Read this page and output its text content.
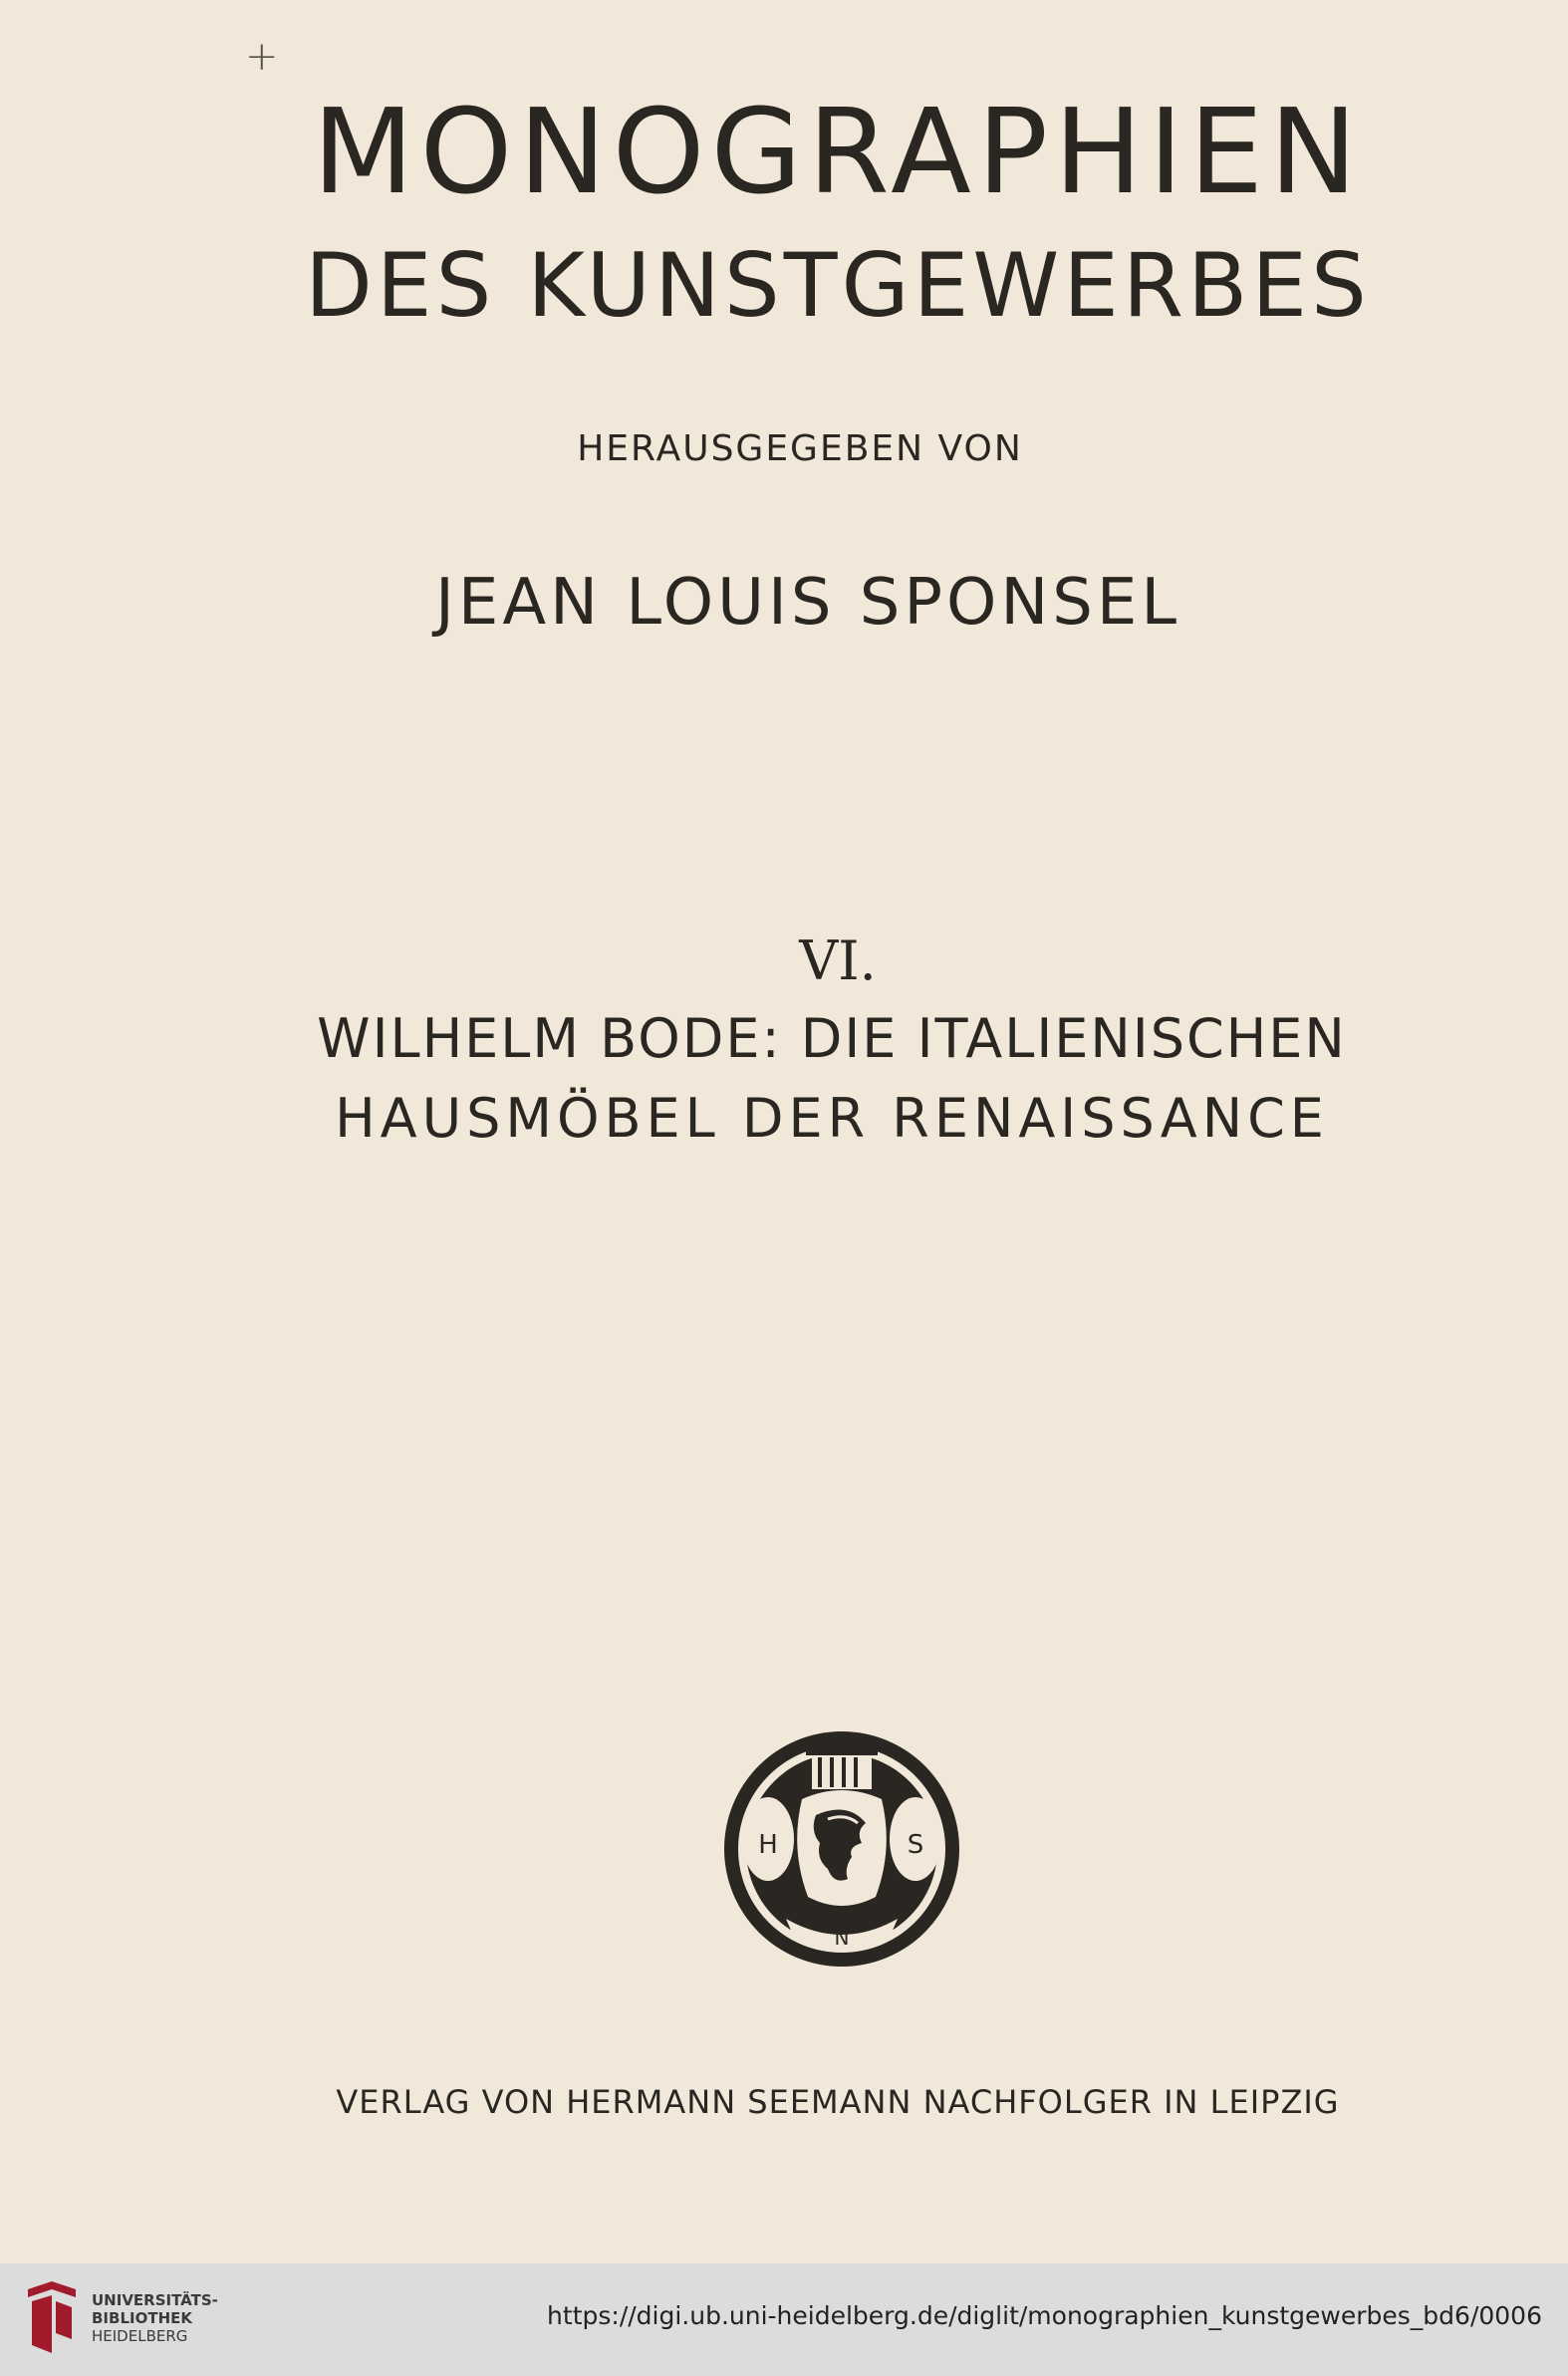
+
MONOGRAPHIEN
DES KUNSTGEWERBES
HERAUSGEGEBEN VON
JEAN LOUIS SPONSEL
VI.
WILHELM BODE: DIE ITALIENISCHEN
HAUSMÖBEL DER RENAISSANCE
H	S
N
VERLAG VON HERMANN SEEMANN NACHFOLGER IN LEIPZIG
UNIVERSITÄTS-
BIBLIOTHEK
HEIDELBERG
https://digi.ub.uni-heidelberg.de/diglit/monographien_kunstgewerbes_bd6/0006
